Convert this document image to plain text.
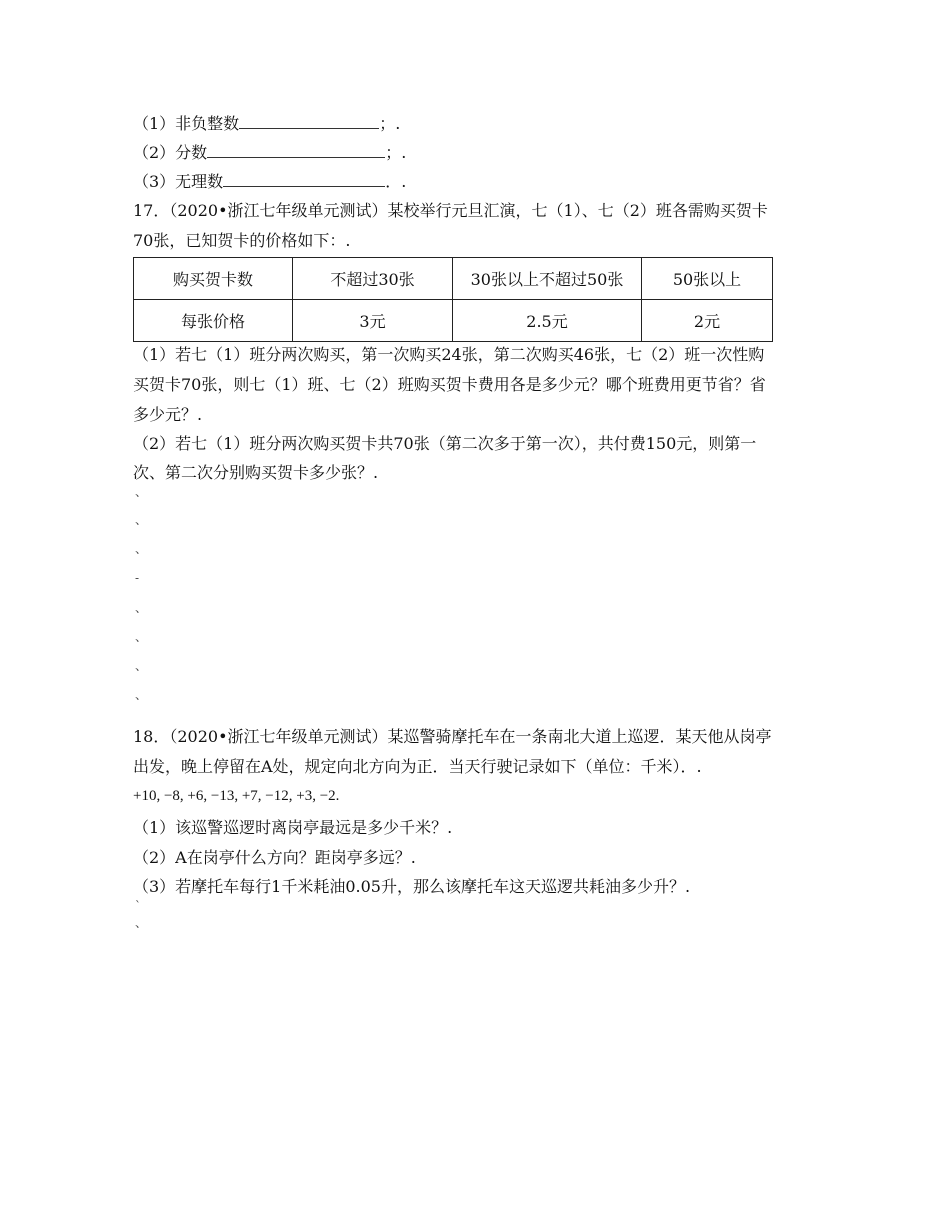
（1）非负整数	；.
（2）分数	；.
（3）无理数	．.
17．（2020•浙江七年级单元测试）某校举行元旦汇演，七（1）、七（2）班各需购买贺卡
70张，已知贺卡的价格如下：.
购买贺卡数	不超过30张	30张以上不超过50张	50张以上
每张价格	3元	2.5元	2元
（1）若七（1）班分两次购买，第一次购买24张，第二次购买46张，七（2）班一次性购
买贺卡70张，则七（1）班、七（2）班购买贺卡费用各是多少元？哪个班费用更节省？省
多少元？.
（2）若七（1）班分两次购买贺卡共70张（第二次多于第一次），共付费150元，则第一
次、第二次分别购买贺卡多少张？.
、
、
、
-
、
、
、
、
18．（2020•浙江七年级单元测试）某巡警骑摩托车在一条南北大道上巡逻．某天他从岗亭
出发，晚上停留在A处，规定向北方向为正．当天行驶记录如下（单位：千米）．.
+10, −8, +6, −13, +7, −12, +3, −2.
（1）该巡警巡逻时离岗亭最远是多少千米？.
（2）A在岗亭什么方向？距岗亭多远？.
（3）若摩托车每行1千米耗油0.05升，那么该摩托车这天巡逻共耗油多少升？.
`
、
